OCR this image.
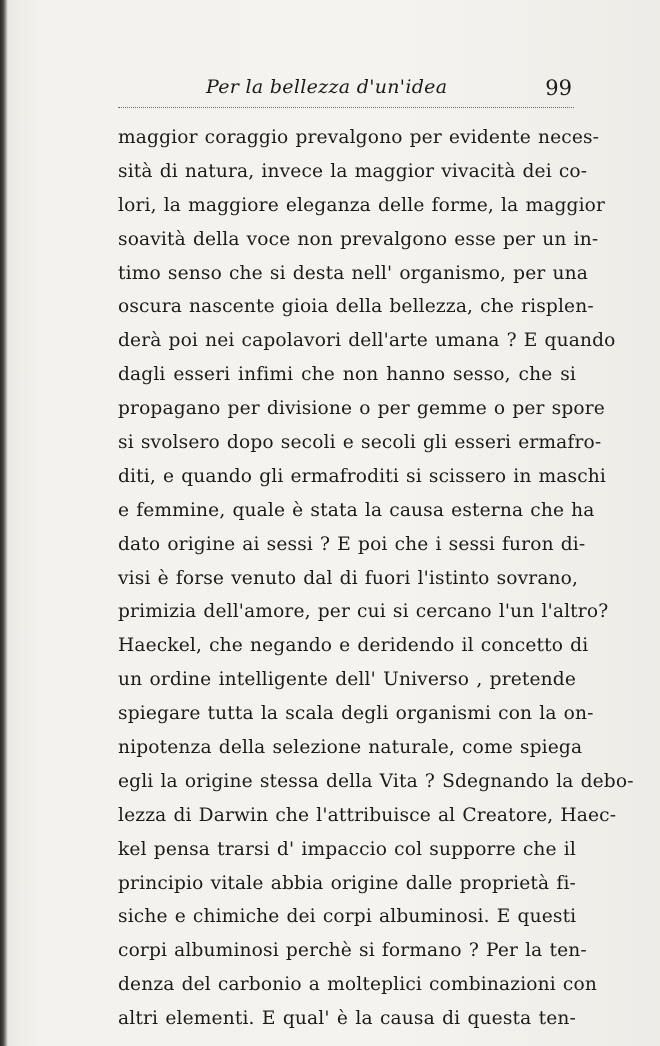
Per la bellezza d'un'idea	99
maggior coraggio prevalgono per evidente neces-
sità di natura, invece la maggior vivacità dei co-
lori, la maggiore eleganza delle forme, la maggior
soavità della voce non prevalgono esse per un in-
timo senso che si desta nell' organismo, per una
oscura nascente gioia della bellezza, che risplen-
derà poi nei capolavori dell'arte umana ? E quando
dagli esseri infimi che non hanno sesso, che si
propagano per divisione o per gemme o per spore
si svolsero dopo secoli e secoli gli esseri ermafro-
diti, e quando gli ermafroditi si scissero in maschi
e femmine, quale è stata la causa esterna che ha
dato origine ai sessi ? E poi che i sessi furon di-
visi è forse venuto dal di fuori l'istinto sovrano,
primizia dell'amore, per cui si cercano l'un l'altro?
Haeckel, che negando e deridendo il concetto di
un ordine intelligente dell' Universo , pretende
spiegare tutta la scala degli organismi con la on-
nipotenza della selezione naturale, come spiega
egli la origine stessa della Vita ? Sdegnando la debo-
lezza di Darwin che l'attribuisce al Creatore, Haec-
kel pensa trarsi d' impaccio col supporre che il
principio vitale abbia origine dalle proprietà fi-
siche e chimiche dei corpi albuminosi. E questi
corpi albuminosi perchè si formano ? Per la ten-
denza del carbonio a molteplici combinazioni con
altri elementi. E qual' è la causa di questa ten-
